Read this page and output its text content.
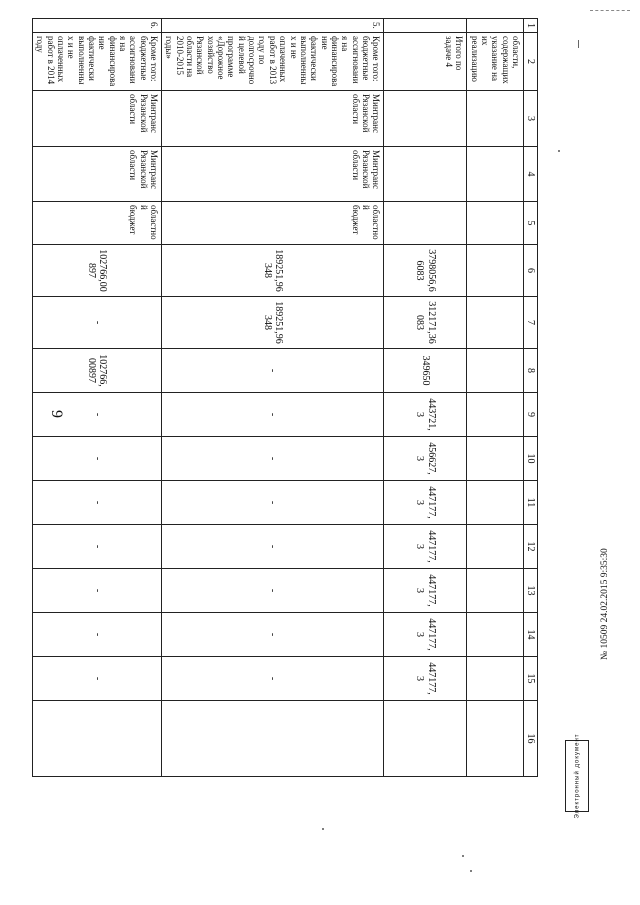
9
1	2	3	4	5	6	7	8	9	10	11	12	13	14	15	16
	области, содержащих указание на их реализацию														
	Итого по задаче 4				3798056,66083	312171,36083	349650	443721,3	456627,3	447177,3	447177,3	447177,3	447177,3	447177,3	
5.	Кроме того: бюджетные ассигнования на финансирование фактически выполненных и не оплаченных работ в 2013 году по долгосрочной целевой программе «Дорожное хозяйство Рязанской области на 2010-2015 годы»	Минтранс Рязанской области	Минтранс Рязанской области	областной бюджет	189251,96348	189251,96348	-	-	-	-	-	-	-	-	
6.	Кроме того: бюджетные ассигнования на финансирование фактически выполненных и не оплаченных работ в 2014 году	Минтранс Рязанской области	Минтранс Рязанской области	областной бюджет	102766,00897	-	102766,00897	-	-	-	-	-	-	-	
Электронный документ
№ 10509 24.02.2015 9:35:30
